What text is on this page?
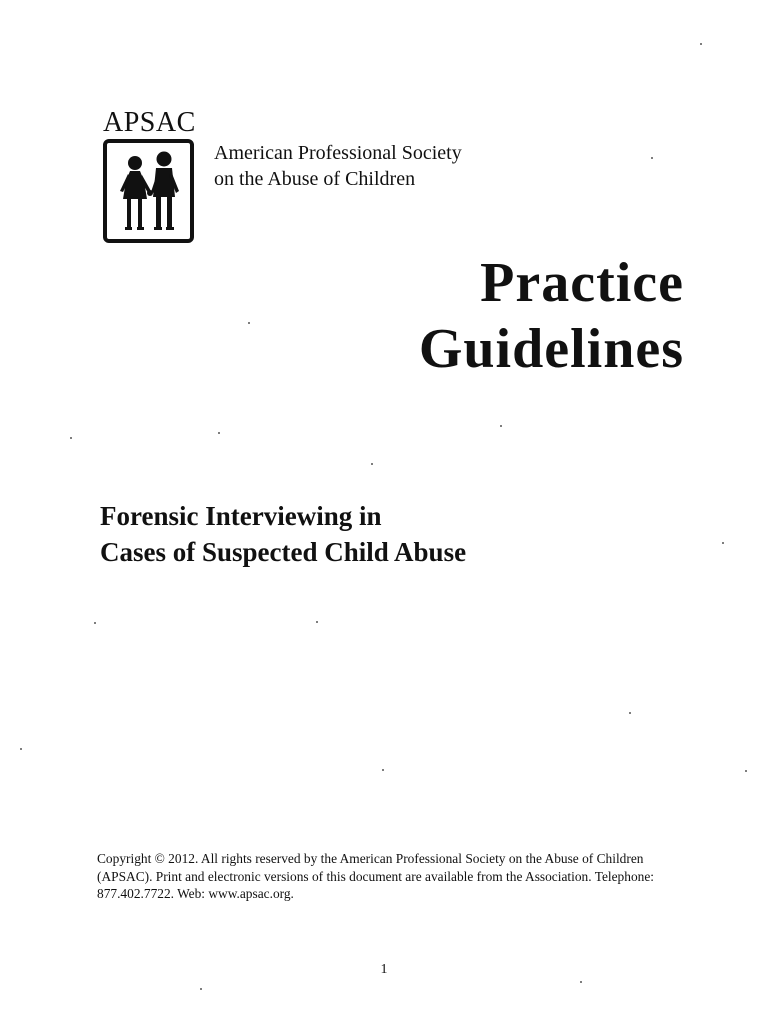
APSAC
American Professional Society
on the Abuse of Children
Practice
Guidelines
Forensic Interviewing in
Cases of Suspected Child Abuse
Copyright © 2012. All rights reserved by the American Professional Society on the Abuse of Children (APSAC). Print and electronic versions of this document are available from the Association. Telephone: 877.402.7722. Web: www.apsac.org.
1
